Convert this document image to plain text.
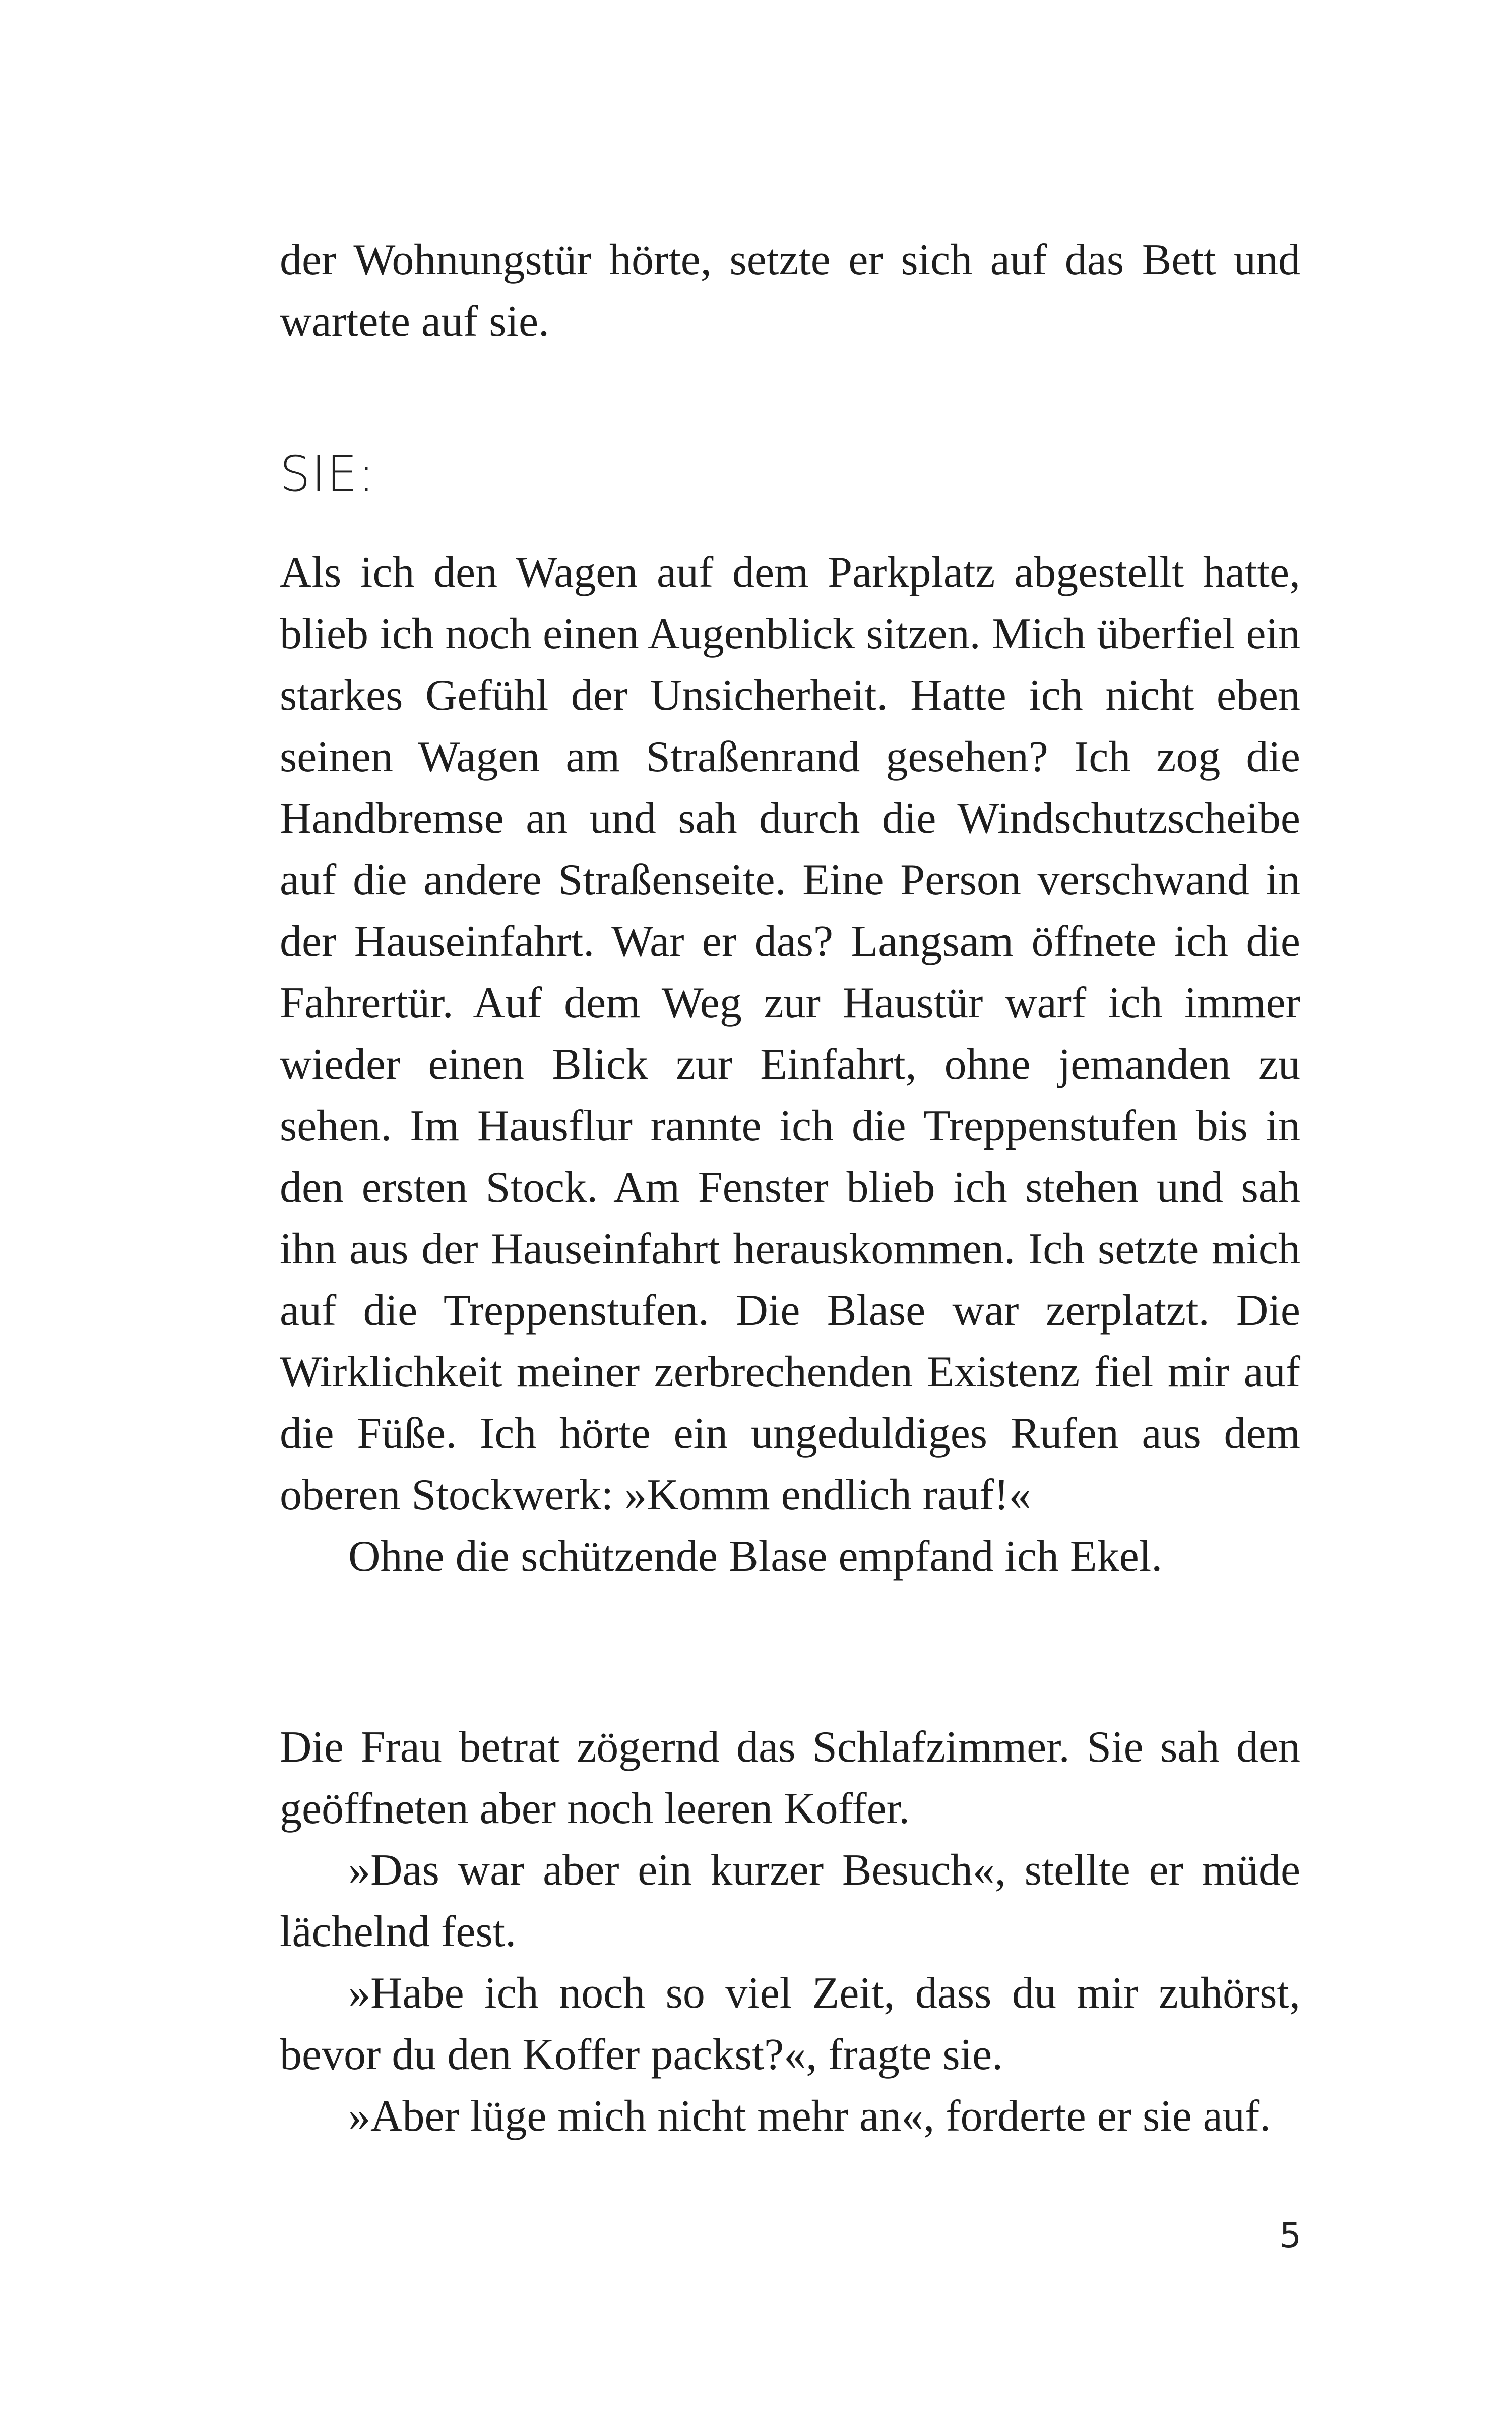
der Wohnungstür hörte, setzte er sich auf das Bett und wartete auf sie.

SIE:

Als ich den Wagen auf dem Parkplatz abgestellt hatte, blieb ich noch einen Augenblick sitzen. Mich überfiel ein starkes Gefühl der Unsicherheit. Hatte ich nicht eben seinen Wagen am Straßenrand gesehen? Ich zog die Handbremse an und sah durch die Windschutzscheibe auf die andere Straßenseite. Eine Person verschwand in der Hauseinfahrt. War er das? Langsam öffnete ich die Fahrertür. Auf dem Weg zur Haustür warf ich immer wieder einen Blick zur Einfahrt, ohne jemanden zu sehen. Im Hausflur rannte ich die Treppenstufen bis in den ersten Stock. Am Fenster blieb ich stehen und sah ihn aus der Hauseinfahrt herauskommen. Ich setzte mich auf die Treppenstufen. Die Blase war zerplatzt. Die Wirklichkeit meiner zerbrechenden Existenz fiel mir auf die Füße. Ich hörte ein ungeduldiges Rufen aus dem oberen Stockwerk: »Komm endlich rauf!«

Ohne die schützende Blase empfand ich Ekel.

Die Frau betrat zögernd das Schlafzimmer. Sie sah den geöffneten aber noch leeren Koffer.

»Das war aber ein kurzer Besuch«, stellte er müde lächelnd fest.

»Habe ich noch so viel Zeit, dass du mir zuhörst, bevor du den Koffer packst?«, fragte sie.

»Aber lüge mich nicht mehr an«, forderte er sie auf.

5
